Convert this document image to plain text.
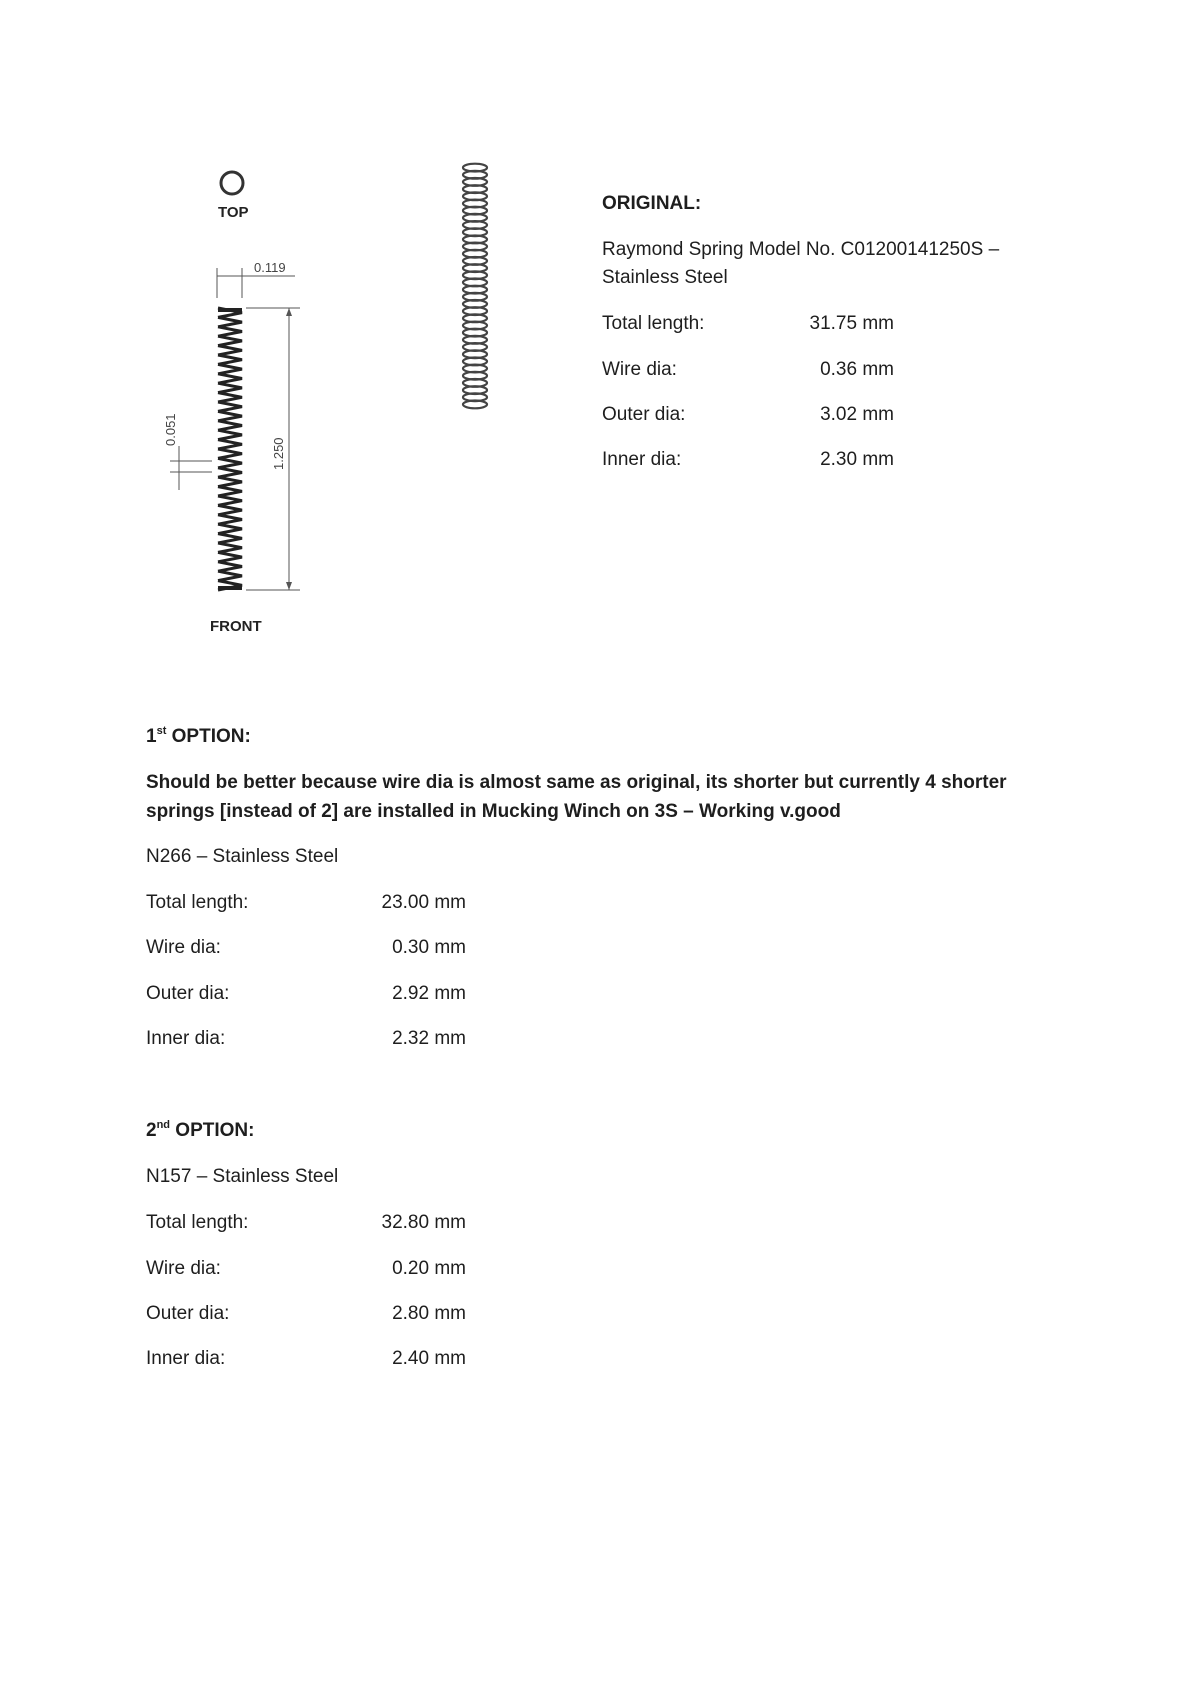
TOP
0.119
1.250
0.051
FRONT
ORIGINAL:
Raymond Spring Model No. C01200141250S –
Stainless Steel
Total length:	31.75 mm
Wire dia:	0.36 mm
Outer dia:	3.02 mm
Inner dia:	2.30 mm
1st OPTION:
Should be better because wire dia is almost same as original, its shorter but currently 4 shorter springs [instead of 2] are installed in Mucking Winch on 3S – Working v.good
N266 – Stainless Steel
Total length:	23.00 mm
Wire dia:	0.30 mm
Outer dia:	2.92 mm
Inner dia:	2.32 mm
2nd OPTION:
N157 – Stainless Steel
Total length:	32.80 mm
Wire dia:	0.20 mm
Outer dia:	2.80 mm
Inner dia:	2.40 mm
